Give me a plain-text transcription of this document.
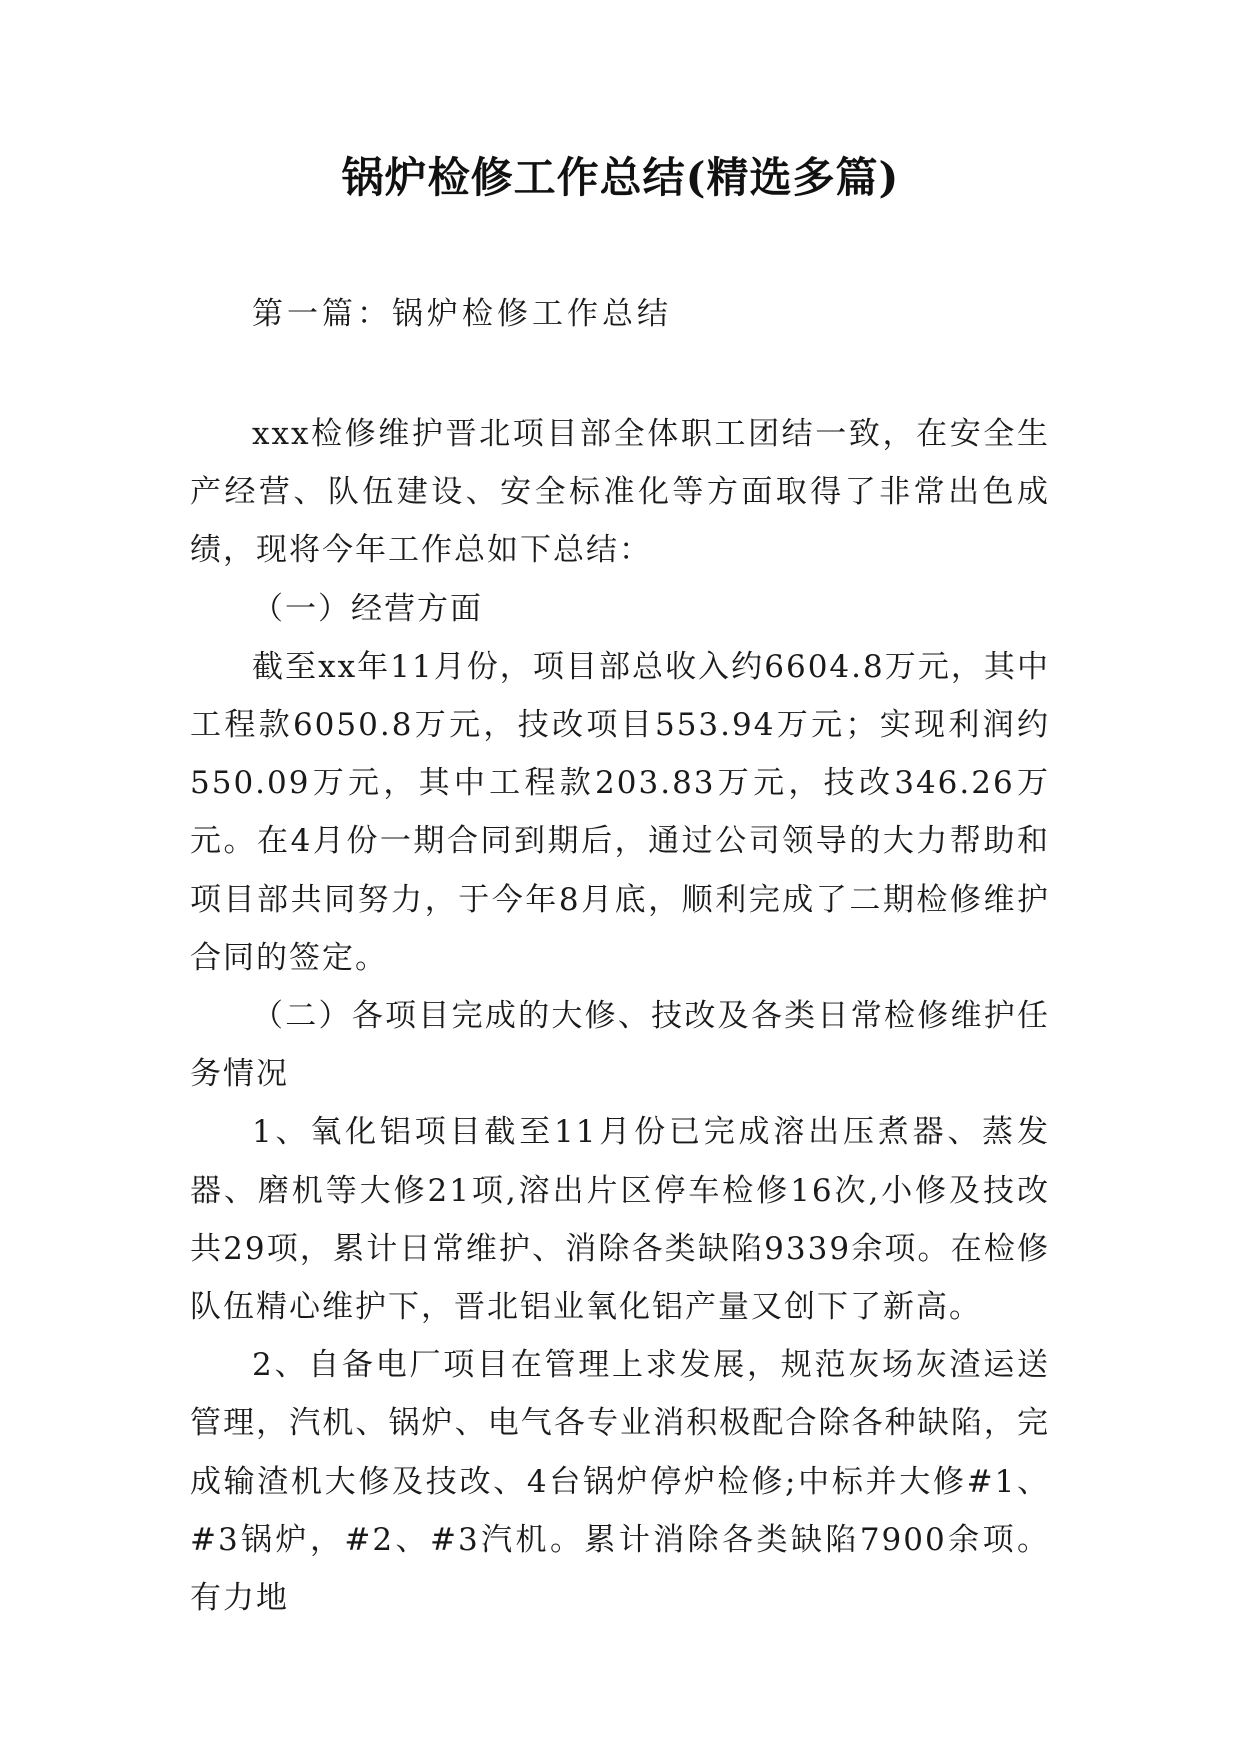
锅炉检修工作总结(精选多篇)
第一篇：锅炉检修工作总结

xxx检修维护晋北项目部全体职工团结一致，在安全生产经营、队伍建设、安全标准化等方面取得了非常出色成绩，现将今年工作总如下总结：

（一）经营方面

截至xx年11月份，项目部总收入约6604.8万元，其中工程款6050.8万元，技改项目553.94万元；实现利润约550.09万元，其中工程款203.83万元，技改346.26万元。在4月份一期合同到期后，通过公司领导的大力帮助和项目部共同努力，于今年8月底，顺利完成了二期检修维护合同的签定。

（二）各项目完成的大修、技改及各类日常检修维护任务情况

1、氧化铝项目截至11月份已完成溶出压煮器、蒸发器、磨机等大修21项,溶出片区停车检修16次,小修及技改共29项，累计日常维护、消除各类缺陷9339余项。在检修队伍精心维护下，晋北铝业氧化铝产量又创下了新高。

2、自备电厂项目在管理上求发展，规范灰场灰渣运送管理，汽机、锅炉、电气各专业消积极配合除各种缺陷，完成输渣机大修及技改、4台锅炉停炉检修;中标并大修#1、#3锅炉，#2、#3汽机。累计消除各类缺陷7900余项。有力地
